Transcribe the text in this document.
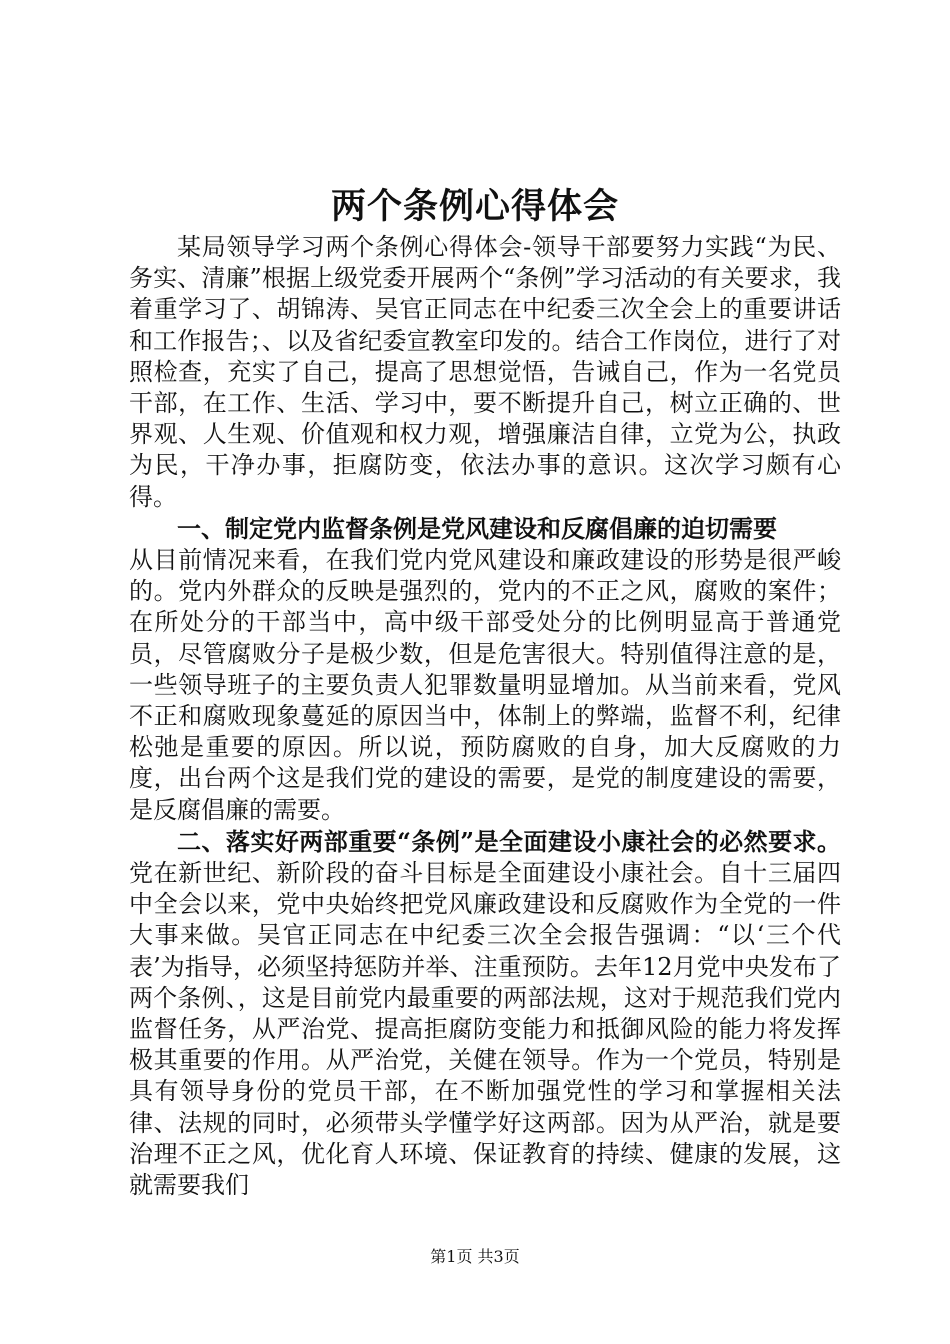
两个条例心得体会

某局领导学习两个条例心得体会-领导干部要努力实践“为民、务实、清廉”根据上级党委开展两个“条例”学习活动的有关要求，我着重学习了、胡锦涛、吴官正同志在中纪委三次全会上的重要讲话和工作报告；、以及省纪委宣教室印发的。结合工作岗位，进行了对照检查，充实了自己，提高了思想觉悟，告诫自己，作为一名党员干部，在工作、生活、学习中，要不断提升自己，树立正确的、世界观、人生观、价值观和权力观，增强廉洁自律，立党为公，执政为民，干净办事，拒腐防变，依法办事的意识。这次学习颇有心得。

一、制定党内监督条例是党风建设和反腐倡廉的迫切需要

从目前情况来看，在我们党内党风建设和廉政建设的形势是很严峻的。党内外群众的反映是强烈的，党内的不正之风，腐败的案件；在所处分的干部当中，高中级干部受处分的比例明显高于普通党员，尽管腐败分子是极少数，但是危害很大。特别值得注意的是，一些领导班子的主要负责人犯罪数量明显增加。从当前来看，党风不正和腐败现象蔓延的原因当中，体制上的弊端，监督不利，纪律松弛是重要的原因。所以说，预防腐败的自身，加大反腐败的力度，出台两个这是我们党的建设的需要，是党的制度建设的需要，是反腐倡廉的需要。

二、落实好两部重要“条例”是全面建设小康社会的必然要求。党在新世纪、新阶段的奋斗目标是全面建设小康社会。自十三届四中全会以来，党中央始终把党风廉政建设和反腐败作为全党的一件大事来做。吴官正同志在中纪委三次全会报告强调：“以‘三个代表’为指导，必须坚持惩防并举、注重预防。去年12月党中央发布了两个条例、，这是目前党内最重要的两部法规，这对于规范我们党内监督任务，从严治党、提高拒腐防变能力和抵御风险的能力将发挥极其重要的作用。从严治党，关健在领导。作为一个党员，特别是具有领导身份的党员干部，在不断加强党性的学习和掌握相关法律、法规的同时，必须带头学懂学好这两部。因为从严治，就是要治理不正之风，优化育人环境、保证教育的持续、健康的发展，这就需要我们

第1页 共3页
